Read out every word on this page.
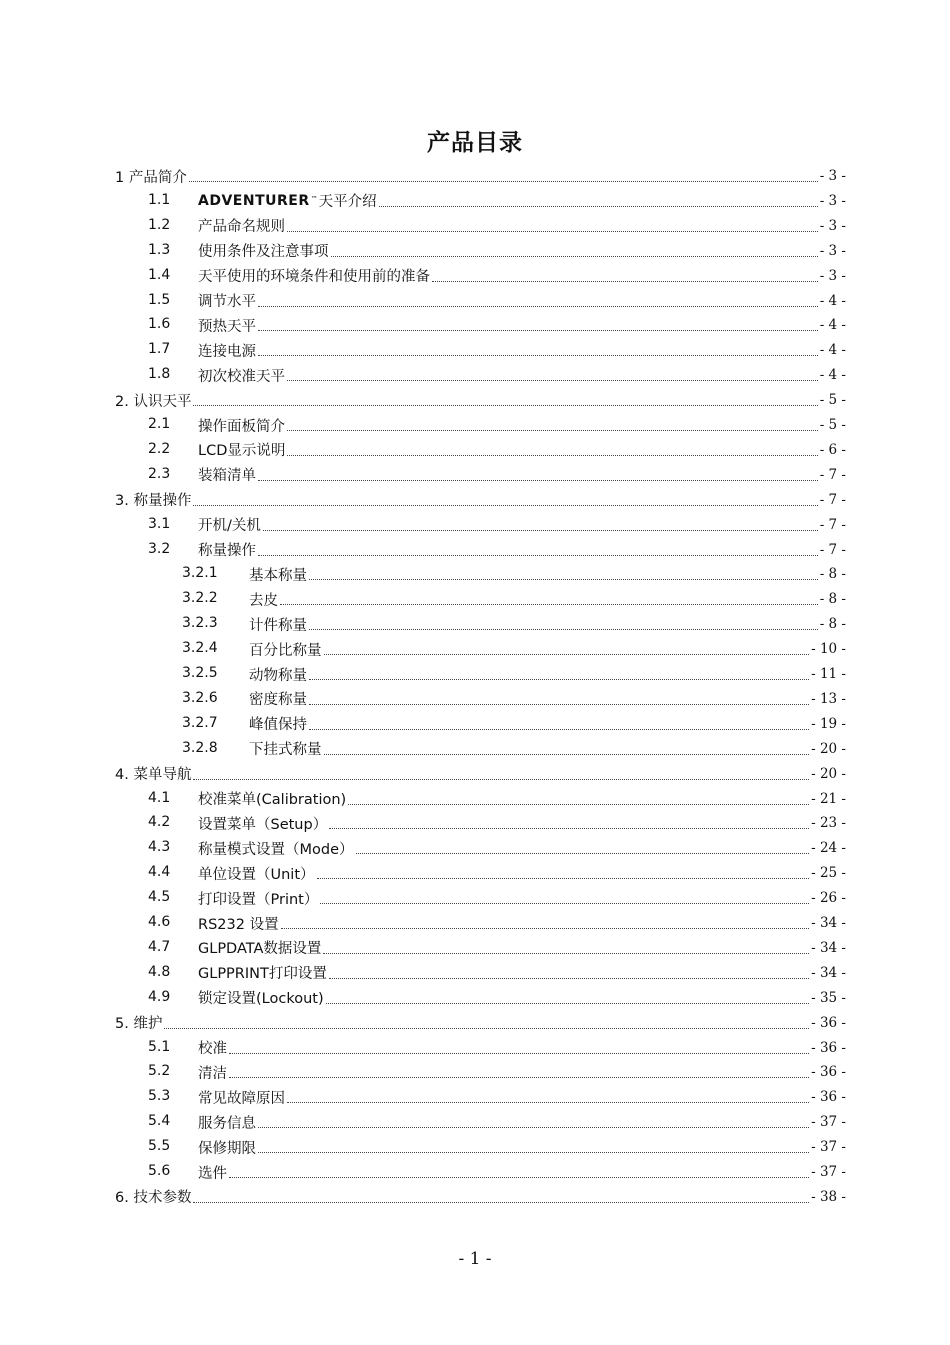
产品目录
1 产品简介	- 3 -
1.1 ADVENTURER ™ 天平介绍	- 3 -
1.2 产品命名规则	- 3 -
1.3 使用条件及注意事项	- 3 -
1.4 天平使用的环境条件和使用前的准备	- 3 -
1.5 调节水平	- 4 -
1.6 预热天平	- 4 -
1.7 连接电源	- 4 -
1.8 初次校准天平	- 4 -
2. 认识天平	- 5 -
2.1 操作面板简介	- 5 -
2.2 LCD显示说明	- 6 -
2.3 装箱清单	- 7 -
3. 称量操作	- 7 -
3.1 开机/关机	- 7 -
3.2 称量操作	- 7 -
3.2.1 基本称量	- 8 -
3.2.2 去皮	- 8 -
3.2.3 计件称量	- 8 -
3.2.4 百分比称量	- 10 -
3.2.5 动物称量	- 11 -
3.2.6 密度称量	- 13 -
3.2.7 峰值保持	- 19 -
3.2.8 下挂式称量	- 20 -
4. 菜单导航	- 20 -
4.1 校准菜单(Calibration)	- 21 -
4.2 设置菜单（Setup）	- 23 -
4.3 称量模式设置（Mode）	- 24 -
4.4 单位设置（Unit）	- 25 -
4.5 打印设置（Print）	- 26 -
4.6 RS232 设置	- 34 -
4.7 GLPDATA数据设置	- 34 -
4.8 GLPPRINT打印设置	- 34 -
4.9 锁定设置(Lockout)	- 35 -
5. 维护	- 36 -
5.1 校准	- 36 -
5.2 清洁	- 36 -
5.3 常见故障原因	- 36 -
5.4 服务信息	- 37 -
5.5 保修期限	- 37 -
5.6 选件	- 37 -
6. 技术参数	- 38 -
- 1 -
